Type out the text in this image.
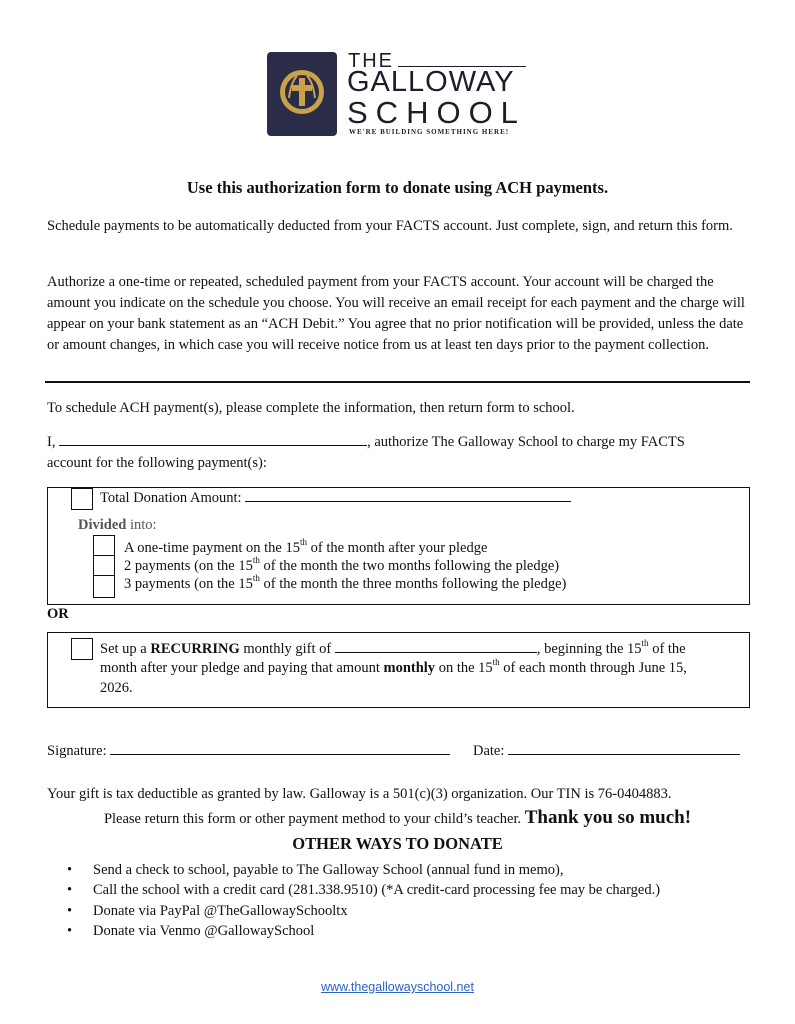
THE
GALLOWAY
SCHOOL
WE'RE BUILDING SOMETHING HERE!
Use this authorization form to donate using ACH payments.
Schedule payments to be automatically deducted from your FACTS account. Just complete, sign, and return this form.
Authorize a one-time or repeated, scheduled payment from your FACTS account. Your account will be charged the amount you indicate on the schedule you choose. You will receive an email receipt for each payment and the charge will appear on your bank statement as an “ACH Debit.” You agree that no prior notification will be provided, unless the date or amount changes, in which case you will receive notice from us at least ten days prior to the payment collection.
To schedule ACH payment(s), please complete the information, then return form to school.
I,	, authorize The Galloway School to charge my FACTS
account for the following payment(s):
Total Donation Amount:
Divided into:
A one-time payment on the 15th of the month after your pledge
2 payments (on the 15th of the month the two months following the pledge)
3 payments (on the 15th of the month the three months following the pledge)
OR
Set up a RECURRING monthly gift of	, beginning the 15th of the
month after your pledge and paying that amount monthly on the 15th of each month through June 15,
2026.
Signature:	Date:
Your gift is tax deductible as granted by law. Galloway is a 501(c)(3) organization. Our TIN is 76-0404883.
Please return this form or other payment method to your child’s teacher. Thank you so much!
OTHER WAYS TO DONATE
• Send a check to school, payable to The Galloway School (annual fund in memo),
• Call the school with a credit card (281.338.9510) (*A credit-card processing fee may be charged.)
• Donate via PayPal @TheGallowaySchooltx
• Donate via Venmo @GallowaySchool
www.thegallowayschool.net
